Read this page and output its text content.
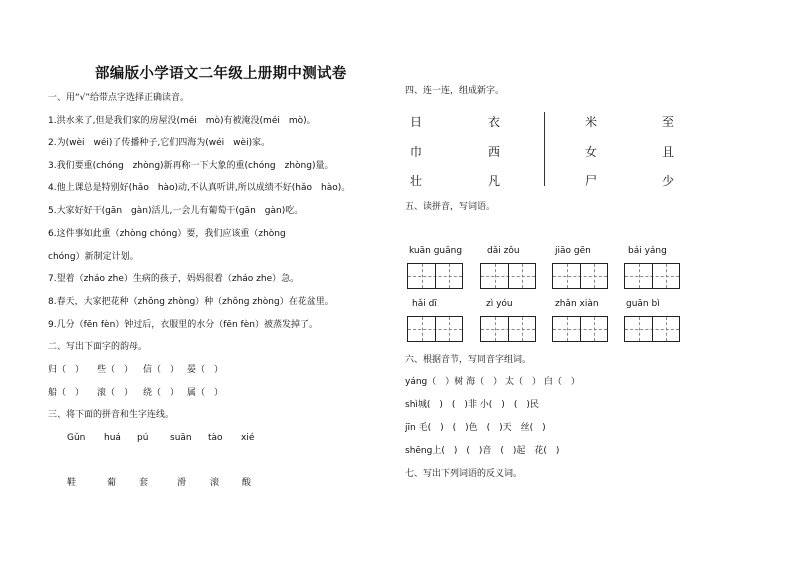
部编版小学语文二年级上册期中测试卷
一、用“√”给带点字选择正确读音。
1.洪水来了,但是我们家的房屋没(méi　mò)有被淹没(méi　mò)。
2.为(wèi　wéi)了传播种子,它们四海为(wéi　wèi)家。
3.我们要重(chóng　zhòng)新再称一下大象的重(chóng　zhòng)量。
4.他上课总是特别好(hǎo　hào)动,不认真听讲,所以成绩不好(hǎo　hào)。
5.大家好好干(gān　gàn)活儿,一会儿有葡萄干(gān　gàn)吃。
6.这件事如此重（zhòng chóng）要，我们应该重（zhòng
chóng）新制定计划。
7.望着（zháo zhe）生病的孩子，妈妈很着（zháo zhe）急。
8.春天，大家把花种（zhǒng zhòng）种（zhǒng zhòng）在花盆里。
9.几分（fēn fèn）钟过后，衣服里的水分（fēn fèn）被蒸发掉了。
二、写出下面字的韵母。
归（　） 些（　） 信（　） 晏（　）
船（　） 滚（　） 绕（　） 属（　）
三、将下面的拼音和生字连线。
Gǔn huá pú suān tào xié
鞋	葡	套	滑	滚	酸
四、连一连，组成新字。
日	衣
巾	西
壮	凡
米	至
女	且
尸	少
五、读拼音，写词语。
kuān guǎng	dǎi zǒu	jiāo gēn	bái yáng
hǎi dī	zì yóu	zhǎn xiàn	guān bì
六、根据音节，写同音字组词。
yáng（　）树 海（　） 太（　） 白（　）
shì城(　)　(　)非 小(　)　(　)民
jīn 毛(　)　(　)色　(　)天　丝(　)
shēng上(　)　(　)音　(　)起　花(　)
七、写出下列词语的反义词。
